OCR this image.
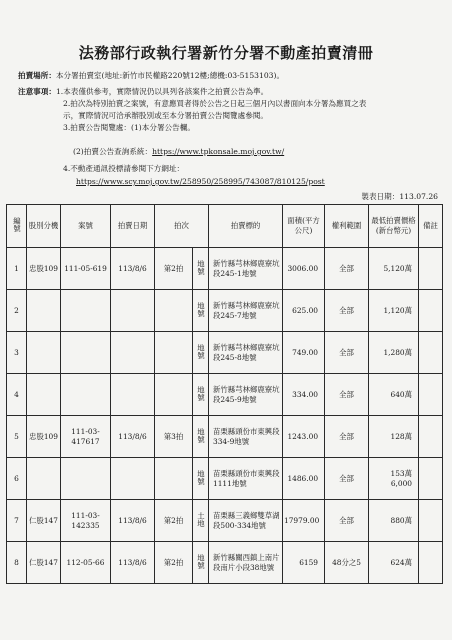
法務部行政執行署新竹分署不動產拍賣清冊
拍賣場所：本分署拍賣室(地址:新竹市民權路220號12樓;總機:03-5153103)。
注意事項：1.本表僅供參考，實際情況仍以具列各該案件之拍賣公告為準。
2.拍次為特別拍賣之案號，有意應買者得於公告之日起三個月內以書面向本分署為應買之表
示，實際情況可洽承辦股別或至本分署拍賣公告閱覽處參閱。
3.拍賣公告閱覽處：(1)本分署公告欄。
(2)拍賣公告查詢系統：https://www.tpkonsale.moj.gov.tw/
4.不動產通訊投標請參閱下方網址：
https://www.scy.moj.gov.tw/258950/258995/743087/810125/post
製表日期：113.07.26
編號	股別分機	案號	拍賣日期	拍次		拍賣標的	面積(平方公尺)	權利範圍	最低拍賣價格
(新台幣元)	備註
1	忠股109	111-05-619	113/8/6	第2拍	地號	新竹縣芎林鄉鹿寮坑段245-1地號	3006.00	全部	5,120萬	
2					地號	新竹縣芎林鄉鹿寮坑段245-7地號	625.00	全部	1,120萬	
3					地號	新竹縣芎林鄉鹿寮坑段245-8地號	749.00	全部	1,280萬	
4					地號	新竹縣芎林鄉鹿寮坑段245-9地號	334.00	全部	640萬	
5	忠股109	111-03-417617	113/8/6	第3拍	地號	苗栗縣頭份市東興段334-9地號	1243.00	全部	128萬	
6					地號	苗栗縣頭份市東興段1111地號	1486.00	全部	153萬6,000	
7	仁股147	111-03-142335	113/8/6	第2拍	土地	苗栗縣三義鄉雙草湖段500-334地號	17979.00	全部	880萬	
8	仁股147	112-05-66	113/8/6	第2拍	地號	新竹縣關西鎮上南片段南片小段38地號	6159	48分之5	624萬	
